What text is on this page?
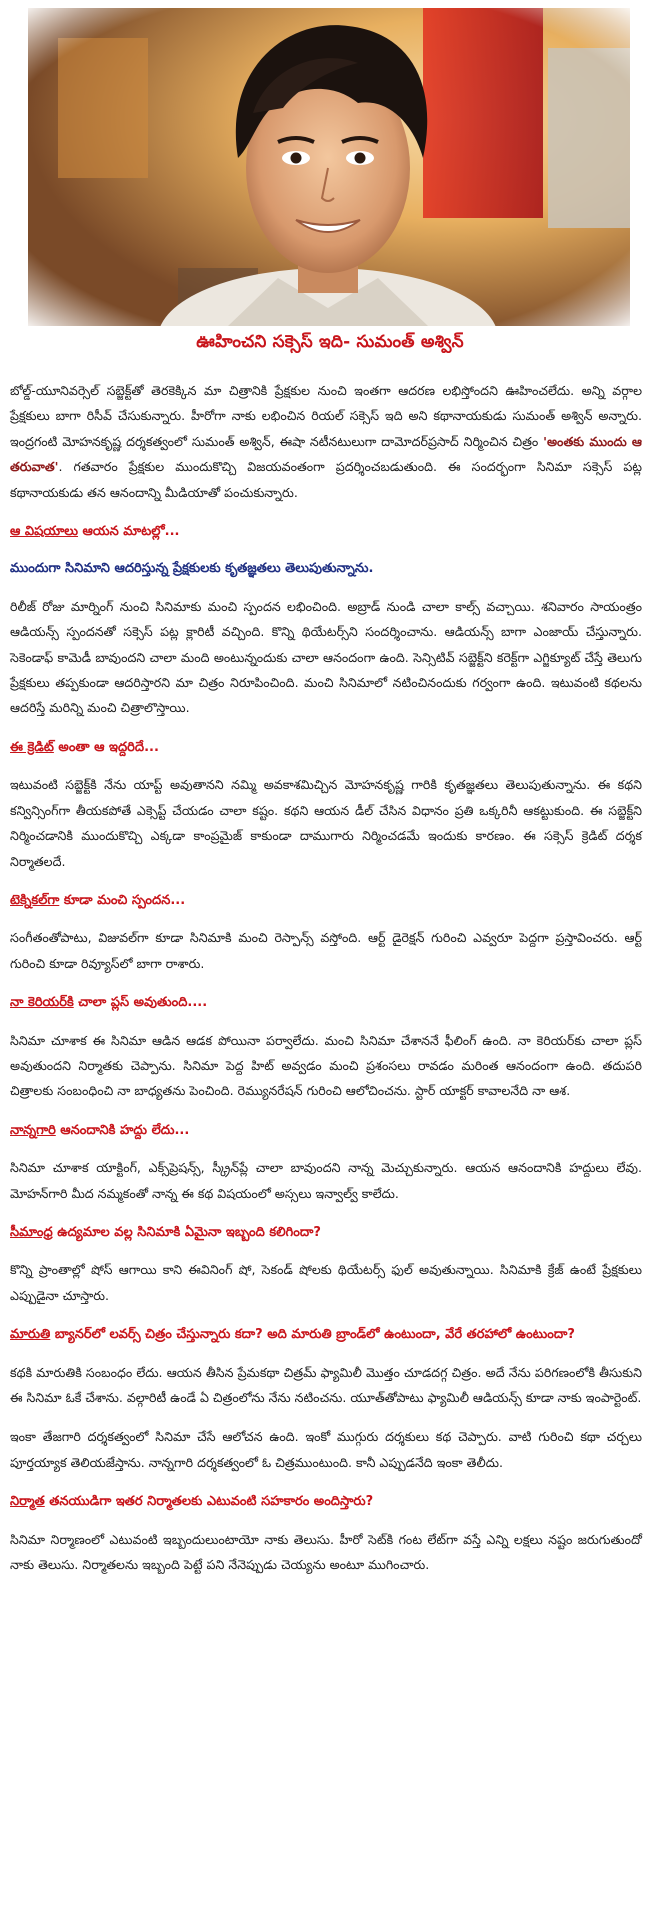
ఊహించని సక్సెస్ ఇది- సుమంత్ అశ్విన్

బోల్డ్-యూనివర్సెల్ సబ్జెక్ట్‌తో తెరకెక్కిన మా చిత్రానికి ప్రేక్షకుల నుంచి ఇంతగా ఆదరణ లభిస్తోందని ఊహించలేదు. అన్ని వర్గాల ప్రేక్షకులు బాగా రిసీవ్ చేసుకున్నారు. హీరోగా నాకు లభించిన రియల్ సక్సెస్ ఇది అని కథానాయకుడు సుమంత్ అశ్విన్ అన్నారు. ఇంద్రగంటి మోహనకృష్ణ దర్శకత్వంలో సుమంత్ అశ్విన్, ఈషా నటీనటులుగా దామోదర్‌ప్రసాద్ నిర్మించిన చిత్రం 'అంతకు ముందు ఆ తరువాత'. గతవారం ప్రేక్షకుల ముందుకొచ్చి విజయవంతంగా ప్రదర్శించబడుతుంది. ఈ సందర్భంగా సినిమా సక్సెస్ పట్ల కథానాయకుడు తన ఆనందాన్ని మీడియాతో పంచుకున్నారు.

ఆ విషయాలు ఆయన మాటల్లో...
ముందుగా సినిమాని ఆదరిస్తున్న ప్రేక్షకులకు కృతజ్ఞతలు తెలుపుతున్నాను.

రిలీజ్ రోజు మార్నింగ్ నుంచి సినిమాకు మంచి స్పందన లభించింది. అబ్రాడ్ నుండి చాలా కాల్స్ వచ్చాయి. శనివారం సాయంత్రం ఆడియన్స్ స్పందనతో సక్సెస్ పట్ల క్లారిటీ వచ్చింది. కొన్ని థియేటర్స్‌ని సందర్శించాను. ఆడియన్స్ బాగా ఎంజాయ్ చేస్తున్నారు. సెకెండాఫ్ కామెడీ బావుందని చాలా మంది అంటున్నందుకు చాలా ఆనందంగా ఉంది. సెన్సిటివ్ సబ్జెక్ట్‌ని కరెక్ట్‌గా ఎగ్జిక్యూట్ చేస్తే తెలుగు ప్రేక్షకులు తప్పకుండా ఆదరిస్తారని మా చిత్రం నిరూపించింది. మంచి సినిమాలో నటించినందుకు గర్వంగా ఉంది. ఇటువంటి కథలను ఆదరిస్తే మరిన్ని మంచి చిత్రాలొస్తాయి.

ఈ క్రెడిట్ అంతా ఆ ఇద్దరిదే...

ఇటువంటి సబ్జెక్ట్‌కి నేను యాప్ట్ అవుతానని నమ్మి అవకాశమిచ్చిన మోహనకృష్ణ గారికి కృతజ్ఞతలు తెలుపుతున్నాను. ఈ కథని కన్విన్సింగ్‌గా తీయకపోతే ఎక్సెప్ట్ చేయడం చాలా కష్టం. కథని ఆయన డీల్ చేసిన విధానం ప్రతి ఒక్కరినీ ఆకట్టుకుంది. ఈ సబ్జెక్ట్‌ని నిర్మించడానికి ముందుకొచ్చి ఎక్కడా కాంప్రమైజ్ కాకుండా దాముగారు నిర్మించడమే ఇందుకు కారణం. ఈ సక్సెస్ క్రెడిట్ దర్శక నిర్మాతలదే.

టెక్నికల్‌గా కూడా మంచి స్పందన...

సంగీతంతోపాటు, విజువల్‌గా కూడా సినిమాకి మంచి రెస్పాన్స్ వస్తోంది. ఆర్ట్ డైరెక్షన్ గురించి ఎవ్వరూ పెద్దగా ప్రస్తావించరు. ఆర్ట్ గురించి కూడా రివ్యూస్‌లో బాగా రాశారు.

నా కెరియర్‌కి చాలా ప్లస్ అవుతుంది....

సినిమా చూశాక ఈ సినిమా ఆడిన ఆడక పోయినా పర్వాలేదు. మంచి సినిమా చేశాననే ఫీలింగ్ ఉంది. నా కెరియర్‌కు చాలా ప్లస్ అవుతుందని నిర్మాతకు చెప్పాను. సినిమా పెద్ద హిట్ అవ్వడం మంచి ప్రశంసలు రావడం మరింత ఆనందంగా ఉంది. తదుపరి చిత్రాలకు సంబంధించి నా బాధ్యతను పెంచింది. రెమ్యునరేషన్ గురించి ఆలోచించను. స్టార్ యాక్టర్ కావాలనేది నా ఆశ.

నాన్నగారి ఆనందానికి హద్దు లేదు...

సినిమా చూశాక యాక్టింగ్, ఎక్స్‌ప్రెషన్స్, స్క్రీన్‌ప్లే చాలా బావుందని నాన్న మెచ్చుకున్నారు. ఆయన ఆనందానికి హద్దులు లేవు. మోహన్‌గారి మీద నమ్మకంతో నాన్న ఈ కథ విషయంలో అస్సలు ఇన్వాల్వ్ కాలేదు.

సీమాంధ్ర ఉద్యమాల వల్ల సినిమాకి ఏమైనా ఇబ్బంది కలిగిందా?

కొన్ని ప్రాంతాల్లో షోస్ ఆగాయి కాని ఈవినింగ్ షో, సెకండ్ షోలకు థియేటర్స్ ఫుల్ అవుతున్నాయి. సినిమాకి క్రేజ్ ఉంటే ప్రేక్షకులు ఎప్పుడైనా చూస్తారు.

మారుతి బ్యానర్‌లో లవర్స్ చిత్రం చేస్తున్నారు కదా? అది మారుతి బ్రాండ్‌లో ఉంటుందా, వేరే తరహాలో ఉంటుందా?

కథకి మారుతికి సంబంధం లేదు. ఆయన తీసిన ప్రేమకథా చిత్రమ్ ఫ్యామిలీ మొత్తం చూడదగ్గ చిత్రం. అదే నేను పరిగణంలోకి తీసుకుని ఈ సినిమా ఓకే చేశాను. వల్గారిటీ ఉండే ఏ చిత్రంలోను నేను నటించను. యూత్‌తోపాటు ఫ్యామిలీ ఆడియన్స్ కూడా నాకు ఇంపార్టెంట్.

ఇంకా తేజగారి దర్శకత్వంలో సినిమా చేసే ఆలోచన ఉంది. ఇంకో ముగ్గురు దర్శకులు కథ చెప్పారు. వాటి గురించి కథా చర్చలు పూర్తయ్యాక తెలియజేస్తాను. నాన్నగారి దర్శకత్వంలో ఓ చిత్రముంటుంది. కానీ ఎప్పుడనేది ఇంకా తెలీదు.

నిర్మాత తనయుడిగా ఇతర నిర్మాతలకు ఎటువంటి సహకారం అందిస్తారు?

సినిమా నిర్మాణంలో ఎటువంటి ఇబ్బందులుంటాయో నాకు తెలుసు. హీరో సెట్‌కి గంట లేట్‌గా వస్తే ఎన్ని లక్షలు నష్టం జరుగుతుందో నాకు తెలుసు. నిర్మాతలను ఇబ్బంది పెట్టే పని నేనెప్పుడు చెయ్యను అంటూ ముగించారు.
